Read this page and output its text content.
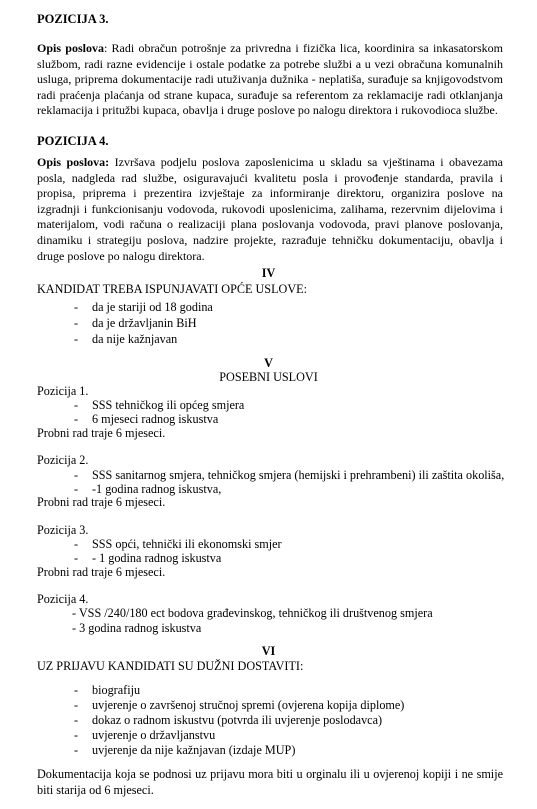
POZICIJA 3.

Opis poslova: Radi obračun potrošnje za privredna i fizička lica, koordinira sa inkasatorskom službom, radi razne evidencije i ostale podatke za potrebe službi a u vezi obračuna komunalnih usluga, priprema dokumentacije radi utuživanja dužnika - neplatiša, surađuje sa knjigovodstvom radi praćenja plaćanja od strane kupaca, surađuje sa referentom za reklamacije radi otklanjanja reklamacija i pritužbi kupaca, obavlja i druge poslove po nalogu direktora i rukovodioca službe.

POZICIJA 4.

Opis poslova: Izvršava podjelu poslova zaposlenicima u skladu sa vještinama i obavezama posla, nadgleda rad službe, osiguravajući kvalitetu posla i provođenje standarda, pravila i propisa, priprema i prezentira izvještaje za informiranje direktoru, organizira poslove na izgradnji i funkcionisanju vodovoda, rukovodi uposlenicima, zalihama, rezervnim dijelovima i materijalom, vodi računa o realizaciji plana poslovanja vodovoda, pravi planove poslovanja, dinamiku i strategiju poslova, nadzire projekte, razrađuje tehničku dokumentaciju, obavlja i druge poslove po nalogu direktora.

IV
KANDIDAT TREBA ISPUNJAVATI OPĆE USLOVE:
- da je stariji od 18 godina
- da je državljanin BiH
- da nije kažnjavan
V
POSEBNI USLOVI
Pozicija 1.
- SSS tehničkog ili općeg smjera
- 6 mjeseci radnog iskustva
Probni rad traje 6 mjeseci.
Pozicija 2.
- SSS sanitarnog smjera, tehničkog smjera (hemijski i prehrambeni) ili zaštita okoliša,
- -1 godina radnog iskustva,
Probni rad traje 6 mjeseci.
Pozicija 3.
- SSS opći, tehnički ili ekonomski smjer
- - 1 godina radnog iskustva
Probni rad traje 6 mjeseci.
Pozicija 4.
- VSS /240/180 ect bodova građevinskog, tehničkog ili društvenog smjera
- 3 godina radnog iskustva
VI
UZ PRIJAVU KANDIDATI SU DUŽNI DOSTAVITI:
- biografiju
- uvjerenje o završenoj stručnoj spremi (ovjerena kopija diplome)
- dokaz o radnom iskustvu (potvrda ili uvjerenje poslodavca)
- uvjerenje o državljanstvu
- uvjerenje da nije kažnjavan (izdaje MUP)

Dokumentacija koja se podnosi uz prijavu mora biti u orginalu ili u ovjerenoj kopiji i ne smije biti starija od 6 mjeseci.
